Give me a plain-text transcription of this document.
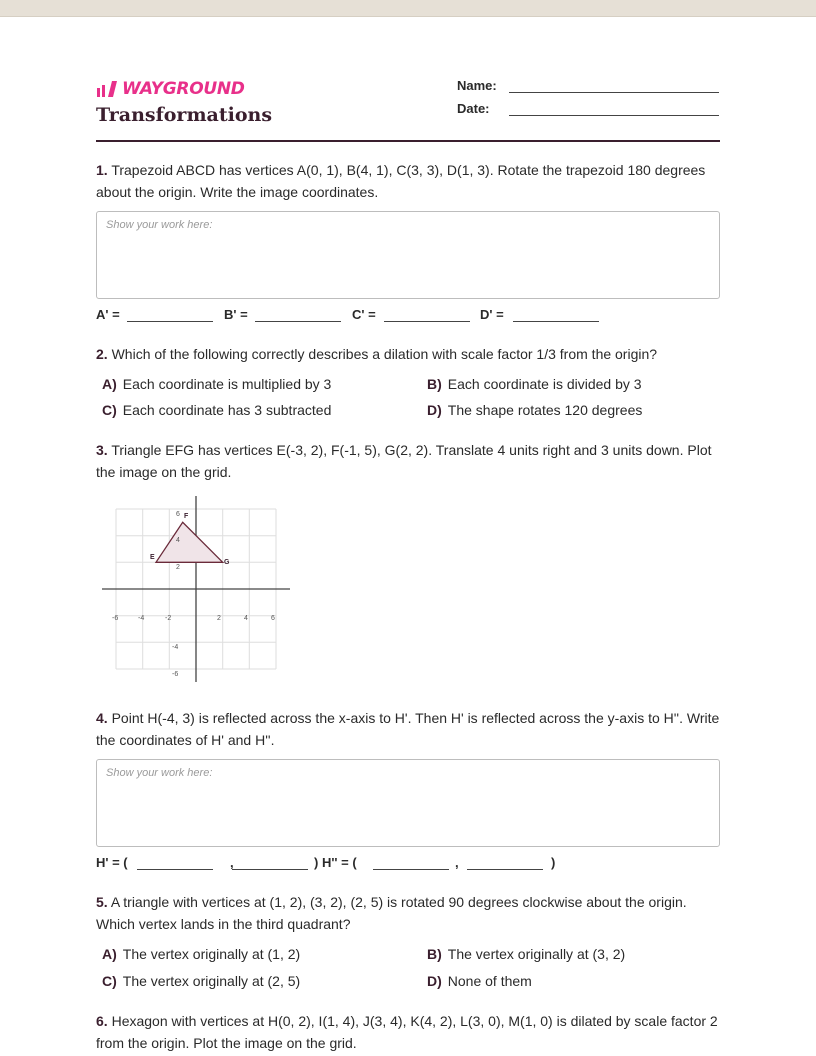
WAYGROUND
Transformations
Name:
Date:
1. Trapezoid ABCD has vertices A(0, 1), B(4, 1), C(3, 3), D(1, 3). Rotate the trapezoid 180 degrees about the origin. Write the image coordinates.
Show your work here:
A' =	B' =	C' =	D' =
2. Which of the following correctly describes a dilation with scale factor 1/3 from the origin?
A) Each coordinate is multiplied by 3	B) Each coordinate is divided by 3
C) Each coordinate has 3 subtracted	D) The shape rotates 120 degrees
3. Triangle EFG has vertices E(-3, 2), F(-1, 5), G(2, 2). Translate 4 units right and 3 units down. Plot the image on the grid.
-6	-4	-2	2	4	6
6
4
2
-4
-6
E
F
G
4. Point H(-4, 3) is reflected across the x-axis to H'. Then H' is reflected across the y-axis to H''. Write the coordinates of H' and H''.
Show your work here:
H' = (	,	) H'' = (	,	)
5. A triangle with vertices at (1, 2), (3, 2), (2, 5) is rotated 90 degrees clockwise about the origin. Which vertex lands in the third quadrant?
A) The vertex originally at (1, 2)	B) The vertex originally at (3, 2)
C) The vertex originally at (2, 5)	D) None of them
6. Hexagon with vertices at H(0, 2), I(1, 4), J(3, 4), K(4, 2), L(3, 0), M(1, 0) is dilated by scale factor 2 from the origin. Plot the image on the grid.
